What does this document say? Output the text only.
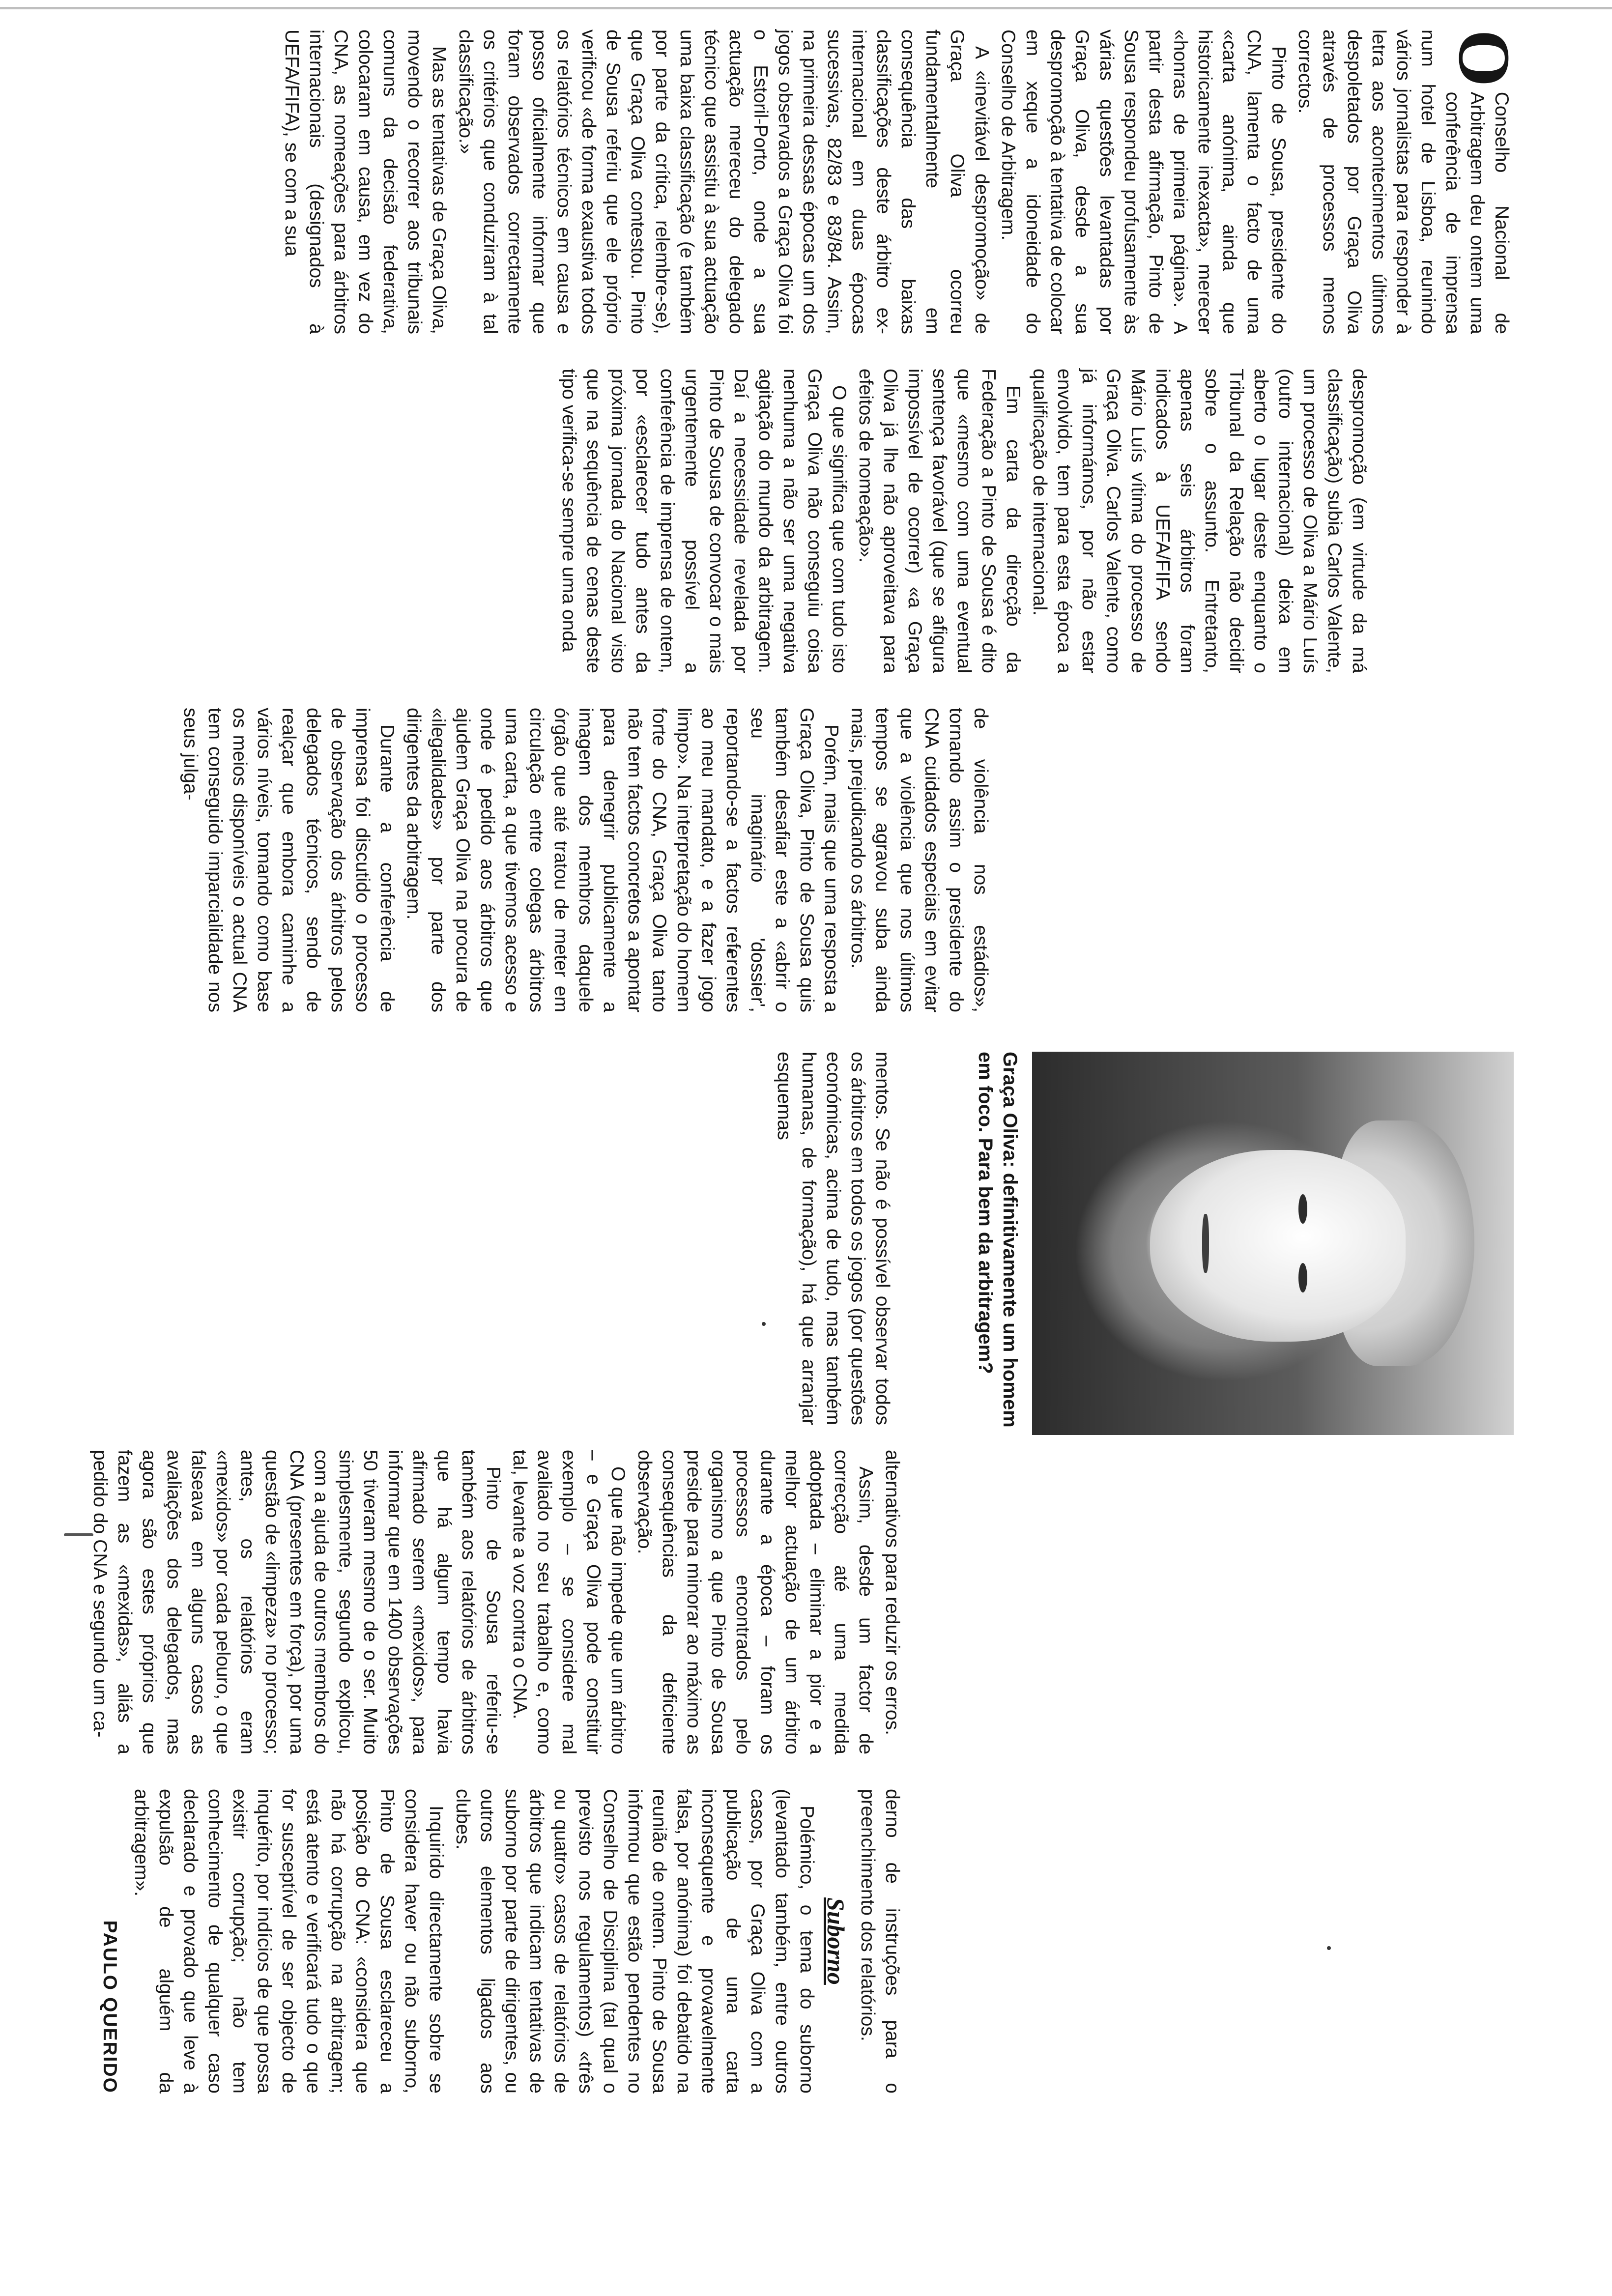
O

Conselho Nacional de Arbitragem deu ontem uma conferência de imprensa num hotel de Lisboa, reunindo vários jornalistas para responder à letra aos acontecimentos últimos despoletados por Graça Oliva através de processos menos correctos.

Pinto de Sousa, presidente do CNA, lamenta o facto de uma «carta anónima, ainda que historicamente inexacta», merecer «honras de primeira página». A partir desta afirmação, Pinto de Sousa respondeu profusamente às várias questões levantadas por Graça Oliva, desde a sua despromoção à tentativa de colocar em xeque a idoneidade do Conselho de Arbitragem.

A «inevitável despromoção» de Graça Oliva ocorreu fundamentalmente em consequência das baixas classificações deste árbitro ex-internacional em duas épocas sucessivas, 82/83 e 83/84. Assim, na primeira dessas épocas um dos jogos observados a Graça Oliva foi o Estoril-Porto, onde a sua actuação mereceu do delegado técnico que assistiu à sua actuação uma baixa classificação (e também por parte da crítica, relembre-se), que Graça Oliva contestou. Pinto de Sousa referiu que ele próprio verificou «de forma exaustiva todos os relatórios técnicos em causa e posso oficialmente informar que foram observados correctamente os critérios que conduziram à tal classificação.»

Mas as tentativas de Graça Oliva, movendo o recorrer aos tribunais comuns da decisão federativa, colocaram em causa, em vez do CNA, as nomeações para árbitros internacionais (designados à UEFA/FIFA), se com a sua

despromoção (em virtude da má classificação) subia Carlos Valente, um processo de Oliva a Mário Luís (outro internacional) deixa em aberto o lugar deste enquanto o Tribunal da Relação não decidir sobre o assunto. Entretanto, apenas seis árbitros foram indicados à UEFA/FIFA sendo Mário Luís vítima do processo de Graça Oliva. Carlos Valente, como já informámos, por não estar envolvido, tem para esta época a qualificação de internacional.

Em carta da direcção da Federação a Pinto de Sousa é dito que «mesmo com uma eventual sentença favorável (que se afigura impossível de ocorrer) «a Graça Oliva já lhe não aproveitava para efeitos de nomeação».

O que significa que com tudo isto Graça Oliva não conseguiu coisa nenhuma a não ser uma negativa agitação do mundo da arbitragem. Daí a necessidade revelada por Pinto de Sousa de convocar o mais urgentemente possível a conferência de imprensa de ontem, por «esclarecer tudo antes da próxima jornada do Nacional visto que na sequência de cenas deste tipo verifica-se sempre uma onda

de violência nos estádios», tornando assim o presidente do CNA cuidados especiais em evitar que a violência que nos últimos tempos se agravou suba ainda mais, prejudicando os árbitros.

Porém, mais que uma resposta a Graça Oliva, Pinto de Sousa quis também desafiar este a «abrir o seu imaginário 'dossier', reportando-se a factos referentes ao meu mandato, e a fazer jogo limpo». Na interpretação do homem forte do CNA, Graça Oliva tanto não tem factos concretos a apontar para denegrir publicamente a imagem dos membros daquele órgão que até tratou de meter em circulação entre colegas árbitros uma carta, a que tivemos acesso e onde é pedido aos árbitros que ajudem Graça Oliva na procura de «ilegalidades» por parte dos dirigentes da arbitragem.

Durante a conferência de imprensa foi discutido o processo de observação dos árbitros pelos delegados técnicos, sendo de realçar que embora caminhe a vários níveis, tomando como base os meios disponíveis o actual CNA tem conseguido imparcialidade nos seus julga-

Graça Oliva: definitivamente um homem em foco. Para bem da arbitragem?

mentos. Se não é possível observar todos os árbitros em todos os jogos (por questões económicas, acima de tudo, mas também humanas, de formação), há que arranjar esquemas

alternativos para reduzir os erros.

Assim, desde um factor de correcção até uma medida adoptada – eliminar a pior e a melhor actuação de um árbitro durante a época – foram os processos encontrados pelo organismo a que Pinto de Sousa preside para minorar ao máximo as consequências da deficiente observação.

O que não impede que um árbitro – e Graça Oliva pode constituir exemplo – se considere mal avaliado no seu trabalho e, como tal, levante a voz contra o CNA.

Pinto de Sousa referiu-se também aos relatórios de árbitros que há algum tempo havia afirmado serem «mexidos», para informar que em 1400 observações 50 tiveram mesmo de o ser. Muito simplesmente, segundo explicou, com a ajuda de outros membros do CNA (presentes em força), por uma questão de «limpeza» no processo; antes, os relatórios eram «mexidos» por cada pelouro, o que falseava em alguns casos as avaliações dos delegados, mas agora são estes próprios que fazem as «mexidas», aliás a pedido do CNA e segundo um ca-

derno de instruções para o preenchimento dos relatórios.

Suborno

Polémico, o tema do suborno (levantado também, entre outros casos, por Graça Oliva com a publicação de uma carta inconsequente e provavelmente falsa, por anónima) foi debatido na reunião de ontem. Pinto de Sousa informou que estão pendentes no Conselho de Disciplina (tal qual o previsto nos regulamentos) «três ou quatro» casos de relatórios de árbitros que indicam tentativas de suborno por parte de dirigentes, ou outros elementos ligados aos clubes.

Inquirido directamente sobre se considera haver ou não suborno, Pinto de Sousa esclareceu a posição do CNA: «considera que não há corrupção na arbitragem; está atento e verificará tudo o que for susceptível de ser objecto de inquérito, por indícios de que possa existir corrupção; não tem conhecimento de qualquer caso declarado e provado que leve à expulsão de alguém da arbitragem».

PAULO QUERIDO
